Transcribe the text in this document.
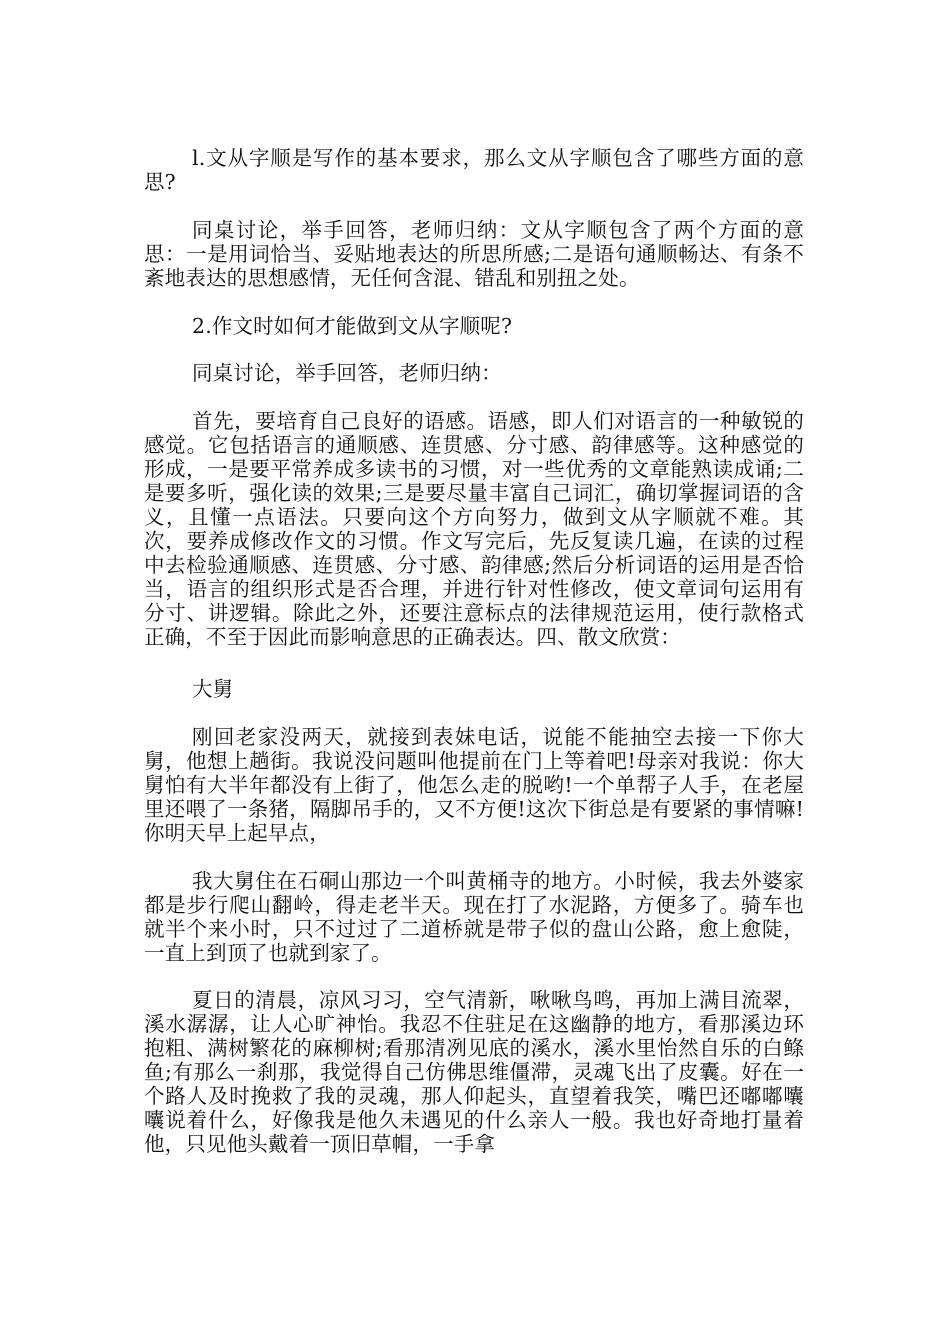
l.文从字顺是写作的基本要求，那么文从字顺包含了哪些方面的意思?

同桌讨论，举手回答，老师归纳：文从字顺包含了两个方面的意思：一是用词恰当、妥贴地表达的所思所感;二是语句通顺畅达、有条不紊地表达的思想感情，无任何含混、错乱和别扭之处。

2.作文时如何才能做到文从字顺呢?

同桌讨论，举手回答，老师归纳：

首先，要培育自己良好的语感。语感，即人们对语言的一种敏锐的感觉。它包括语言的通顺感、连贯感、分寸感、韵律感等。这种感觉的形成，一是要平常养成多读书的习惯，对一些优秀的文章能熟读成诵;二是要多听，强化读的效果;三是要尽量丰富自己词汇，确切掌握词语的含义，且懂一点语法。只要向这个方向努力，做到文从字顺就不难。其次，要养成修改作文的习惯。作文写完后，先反复读几遍，在读的过程中去检验通顺感、连贯感、分寸感、韵律感;然后分析词语的运用是否恰当，语言的组织形式是否合理，并进行针对性修改，使文章词句运用有分寸、讲逻辑。除此之外，还要注意标点的法律规范运用，使行款格式正确，不至于因此而影响意思的正确表达。四、散文欣赏：

大舅

刚回老家没两天，就接到表妹电话，说能不能抽空去接一下你大舅，他想上趟街。我说没问题叫他提前在门上等着吧!母亲对我说：你大舅怕有大半年都没有上街了，他怎么走的脱哟!一个单帮子人手，在老屋里还喂了一条猪，隔脚吊手的，又不方便!这次下街总是有要紧的事情嘛!你明天早上起早点，

我大舅住在石硐山那边一个叫黄桶寺的地方。小时候，我去外婆家都是步行爬山翻岭，得走老半天。现在打了水泥路，方便多了。骑车也就半个来小时，只不过过了二道桥就是带子似的盘山公路，愈上愈陡，一直上到顶了也就到家了。

夏日的清晨，凉风习习，空气清新，啾啾鸟鸣，再加上满目流翠，溪水潺潺，让人心旷神怡。我忍不住驻足在这幽静的地方，看那溪边环抱粗、满树繁花的麻柳树;看那清冽见底的溪水，溪水里怡然自乐的白鲦鱼;有那么一刹那，我觉得自己仿佛思维僵滞，灵魂飞出了皮囊。好在一个路人及时挽救了我的灵魂，那人仰起头，直望着我笑，嘴巴还嘟嘟囔囔说着什么，好像我是他久未遇见的什么亲人一般。我也好奇地打量着他，只见他头戴着一顶旧草帽，一手拿
